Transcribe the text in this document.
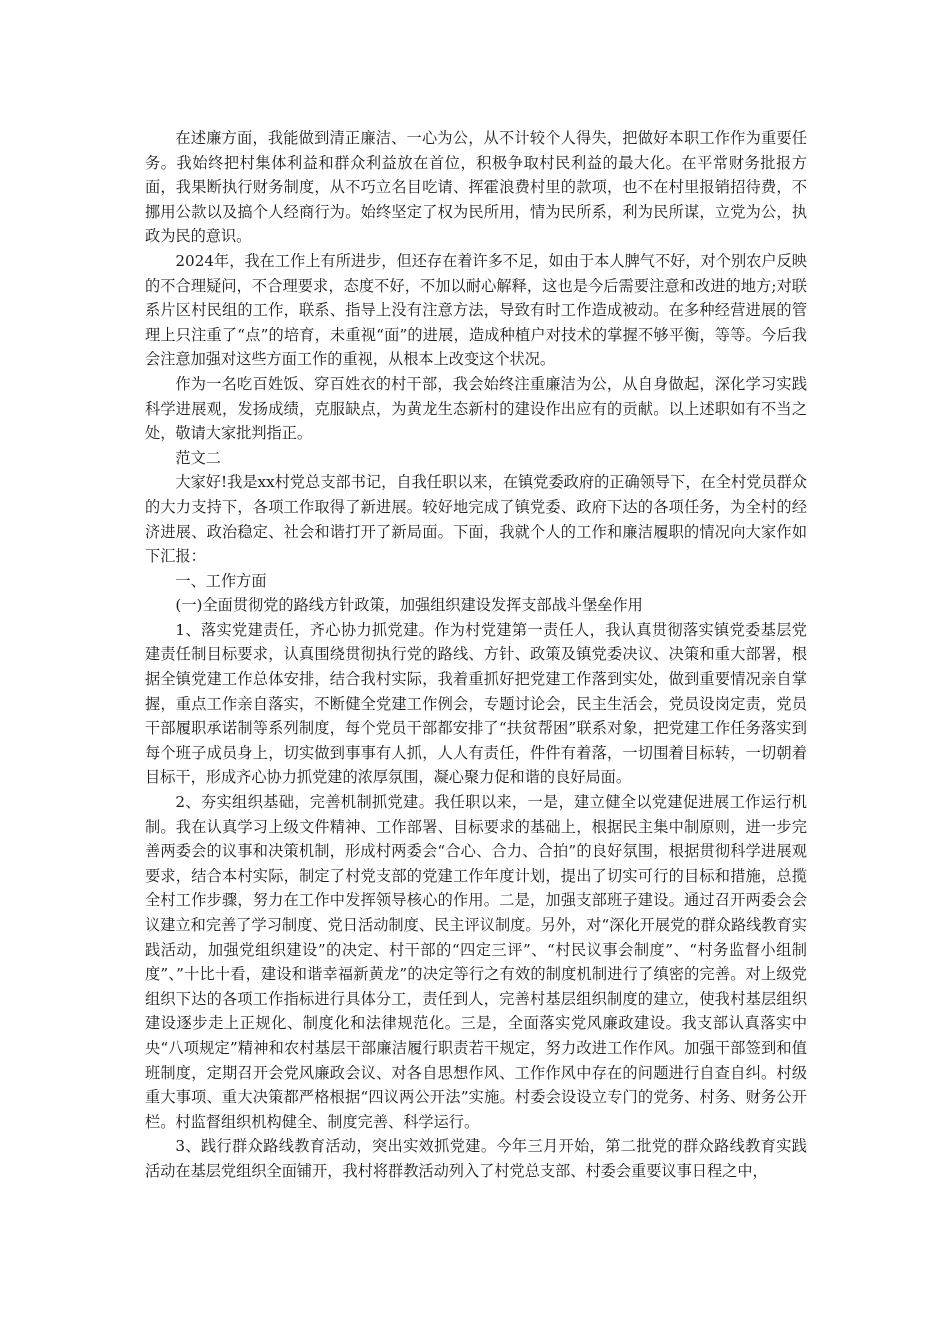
在述廉方面，我能做到清正廉洁、一心为公，从不计较个人得失，把做好本职工作作为重要任务。我始终把村集体利益和群众利益放在首位，积极争取村民利益的最大化。在平常财务批报方面，我果断执行财务制度，从不巧立名目吃请、挥霍浪费村里的款项，也不在村里报销招待费，不挪用公款以及搞个人经商行为。始终坚定了权为民所用，情为民所系，利为民所谋，立党为公，执政为民的意识。

2024年，我在工作上有所进步，但还存在着许多不足，如由于本人脾气不好，对个别农户反映的不合理疑问，不合理要求，态度不好，不加以耐心解释，这也是今后需要注意和改进的地方;对联系片区村民组的工作，联系、指导上没有注意方法，导致有时工作造成被动。在多种经营进展的管理上只注重了“点”的培育，未重视“面”的进展，造成种植户对技术的掌握不够平衡，等等。今后我会注意加强对这些方面工作的重视，从根本上改变这个状况。

作为一名吃百姓饭、穿百姓衣的村干部，我会始终注重廉洁为公，从自身做起，深化学习实践科学进展观，发扬成绩，克服缺点，为黄龙生态新村的建设作出应有的贡献。以上述职如有不当之处，敬请大家批判指正。

范文二

大家好!我是xx村党总支部书记，自我任职以来，在镇党委政府的正确领导下，在全村党员群众的大力支持下，各项工作取得了新进展。较好地完成了镇党委、政府下达的各项任务，为全村的经济进展、政治稳定、社会和谐打开了新局面。下面，我就个人的工作和廉洁履职的情况向大家作如下汇报：

一、工作方面

(一)全面贯彻党的路线方针政策，加强组织建设发挥支部战斗堡垒作用

1、落实党建责任，齐心协力抓党建。作为村党建第一责任人，我认真贯彻落实镇党委基层党建责任制目标要求，认真围绕贯彻执行党的路线、方针、政策及镇党委决议、决策和重大部署，根据全镇党建工作总体安排，结合我村实际，我着重抓好把党建工作落到实处，做到重要情况亲自掌握，重点工作亲自落实，不断健全党建工作例会，专题讨论会，民主生活会，党员设岗定责，党员干部履职承诺制等系列制度，每个党员干部都安排了“扶贫帮困”联系对象，把党建工作任务落实到每个班子成员身上，切实做到事事有人抓，人人有责任，件件有着落，一切围着目标转，一切朝着目标干，形成齐心协力抓党建的浓厚氛围，凝心聚力促和谐的良好局面。

2、夯实组织基础，完善机制抓党建。我任职以来，一是，建立健全以党建促进展工作运行机制。我在认真学习上级文件精神、工作部署、目标要求的基础上，根据民主集中制原则，进一步完善两委会的议事和决策机制，形成村两委会“合心、合力、合拍”的良好氛围，根据贯彻科学进展观要求，结合本村实际，制定了村党支部的党建工作年度计划，提出了切实可行的目标和措施，总揽全村工作步骤，努力在工作中发挥领导核心的作用。二是，加强支部班子建设。通过召开两委会会议建立和完善了学习制度、党日活动制度、民主评议制度。另外，对“深化开展党的群众路线教育实践活动，加强党组织建设”的决定、村干部的“四定三评”、“村民议事会制度”、“村务监督小组制度”、”十比十看，建设和谐幸福新黄龙”的决定等行之有效的制度机制进行了缜密的完善。对上级党组织下达的各项工作指标进行具体分工，责任到人，完善村基层组织制度的建立，使我村基层组织建设逐步走上正规化、制度化和法律规范化。三是，全面落实党风廉政建设。我支部认真落实中央“八项规定”精神和农村基层干部廉洁履行职责若干规定，努力改进工作作风。加强干部签到和值班制度，定期召开会党风廉政会议、对各自思想作风、工作作风中存在的问题进行自查自纠。村级重大事项、重大决策都严格根据“四议两公开法”实施。村委会设设立专门的党务、村务、财务公开栏。村监督组织机构健全、制度完善、科学运行。

3、践行群众路线教育活动，突出实效抓党建。今年三月开始，第二批党的群众路线教育实践活动在基层党组织全面铺开，我村将群教活动列入了村党总支部、村委会重要议事日程之中，
